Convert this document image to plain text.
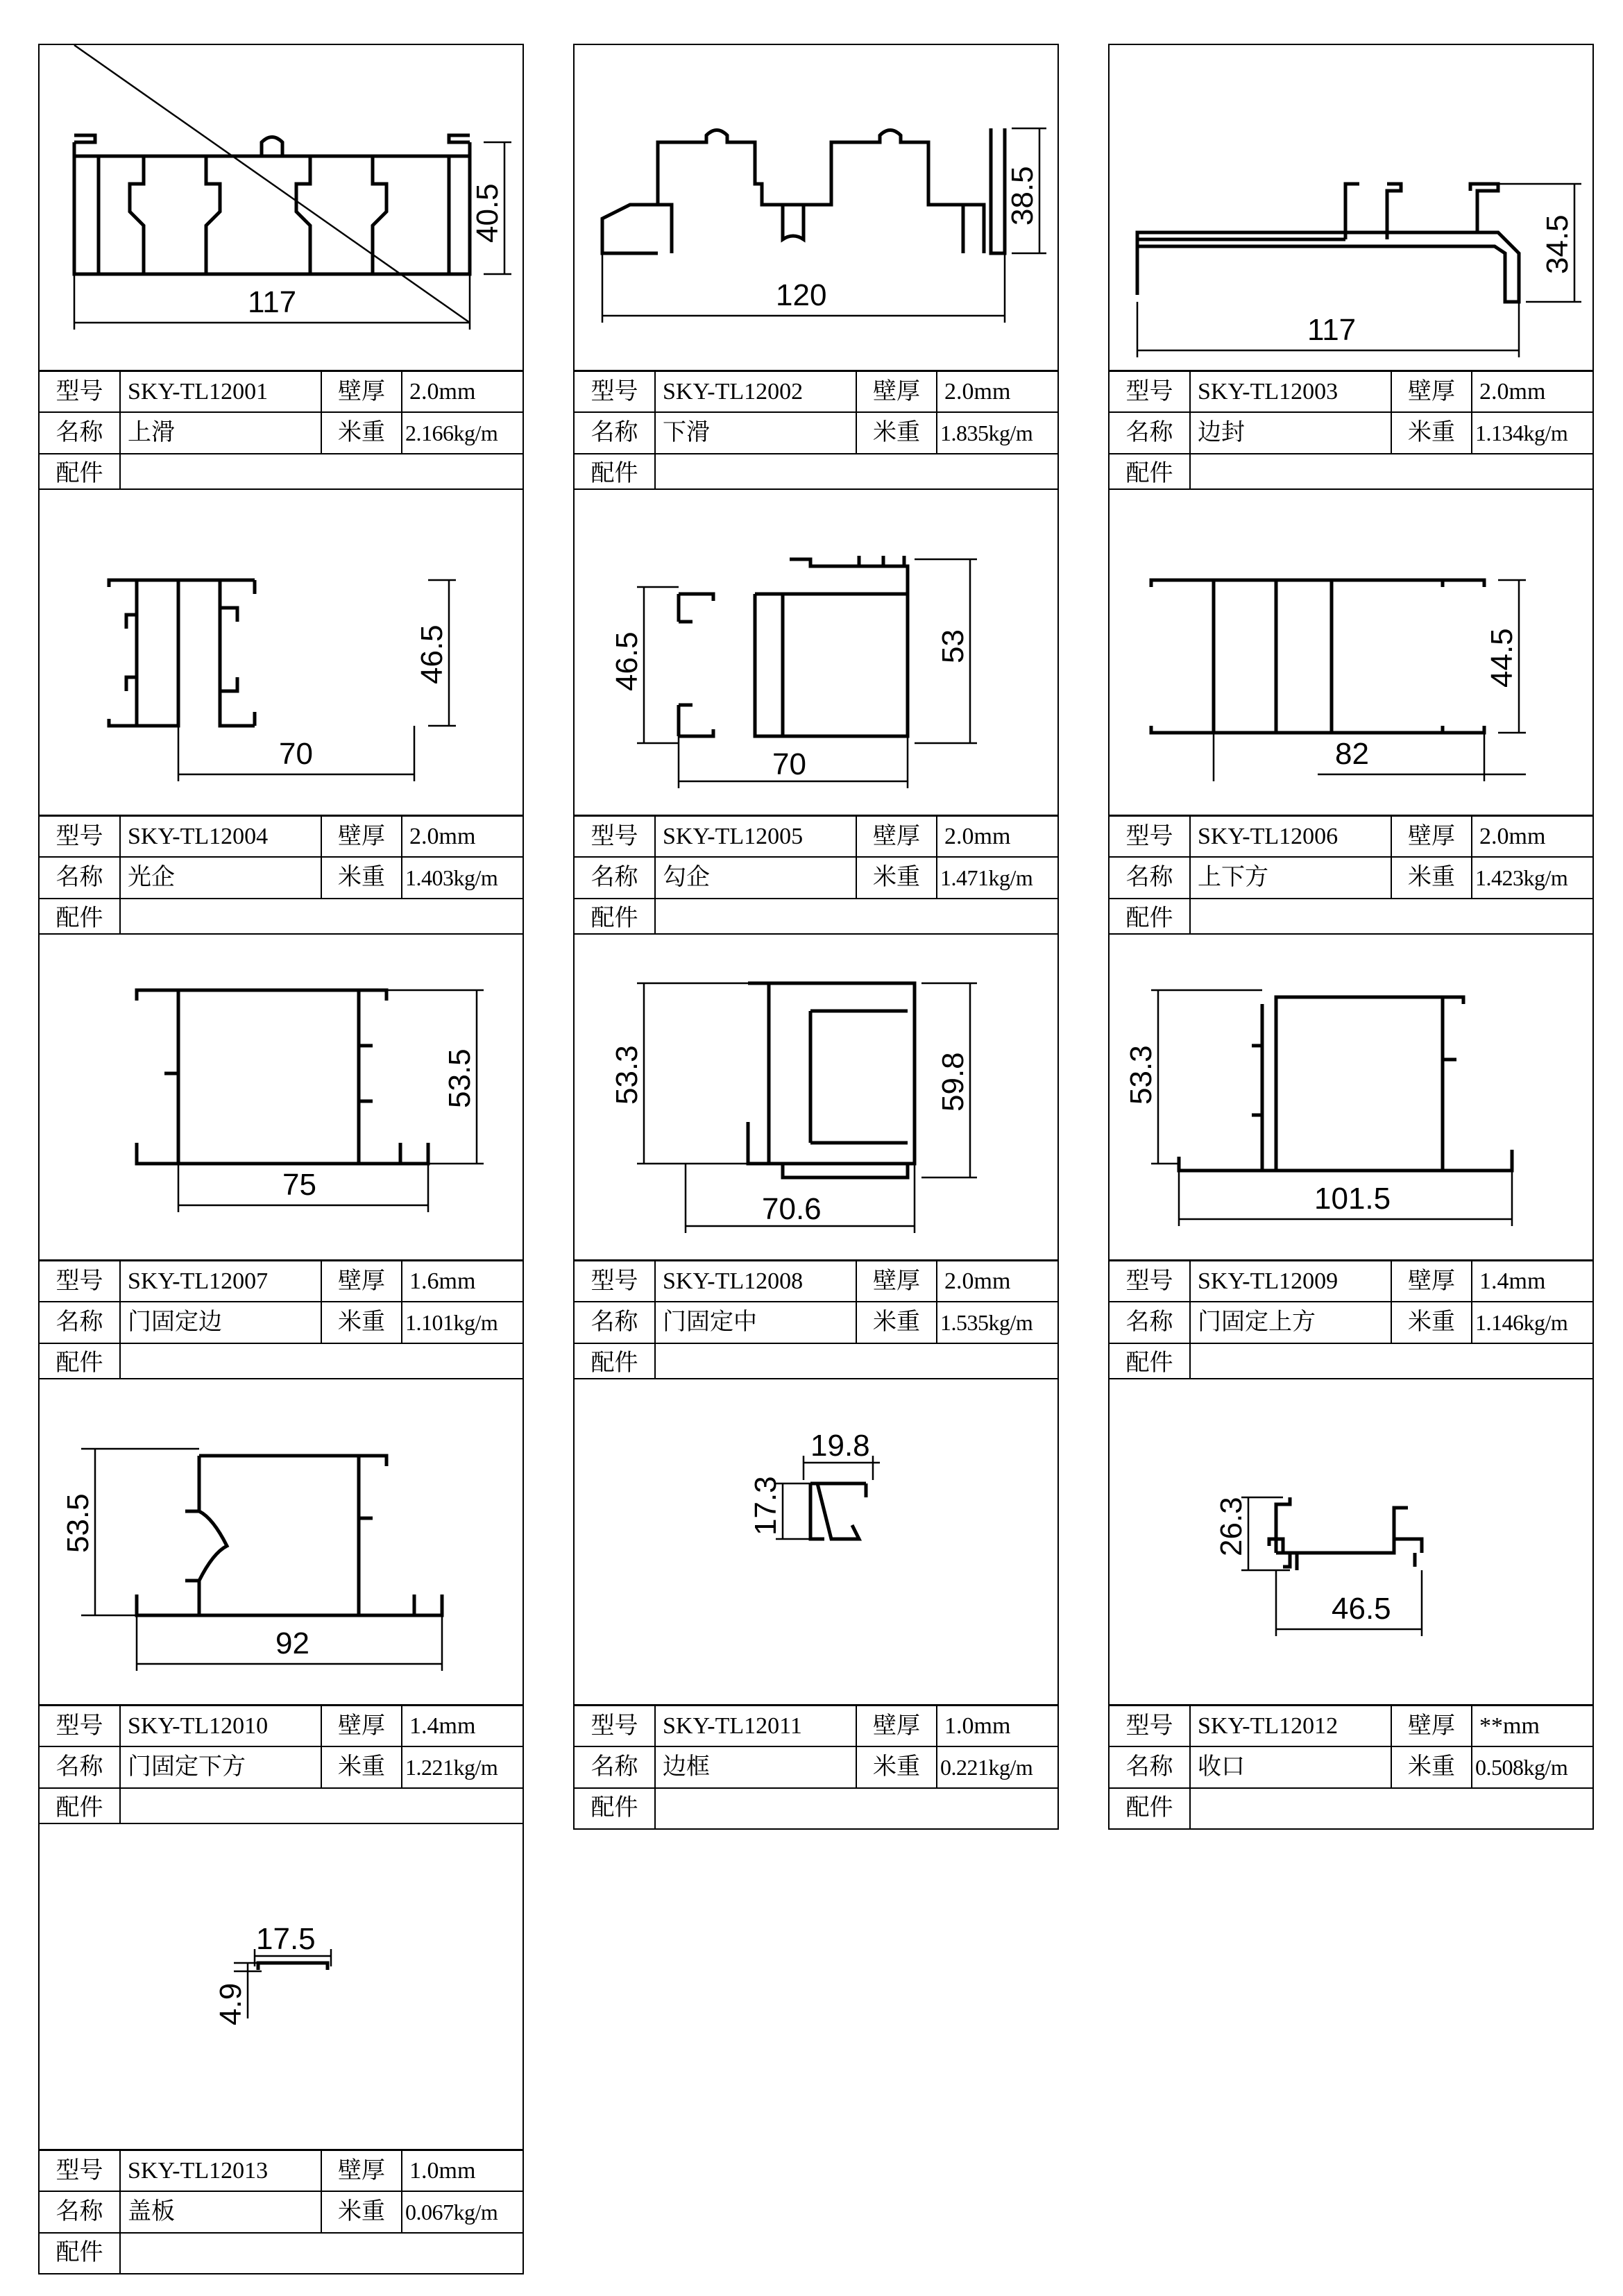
117
40.5
型号	SKY-TL12001	壁厚	2.0mm
名称	上滑	米重	2.166kg/m
配件			
120
38.5
型号	SKY-TL12002	壁厚	2.0mm
名称	下滑	米重	1.835kg/m
配件			
117
34.5
型号	SKY-TL12003	壁厚	2.0mm
名称	边封	米重	1.134kg/m
配件			
70
46.5
型号	SKY-TL12004	壁厚	2.0mm
名称	光企	米重	1.403kg/m
配件			
70
46.5	53
型号	SKY-TL12005	壁厚	2.0mm
名称	勾企	米重	1.471kg/m
配件			
82
44.5
型号	SKY-TL12006	壁厚	2.0mm
名称	上下方	米重	1.423kg/m
配件			
75
53.5
型号	SKY-TL12007	壁厚	1.6mm
名称	门固定边	米重	1.101kg/m
配件			
70.6
53.3	59.8
型号	SKY-TL12008	壁厚	2.0mm
名称	门固定中	米重	1.535kg/m
配件			
101.5
53.3
型号	SKY-TL12009	壁厚	1.4mm
名称	门固定上方	米重	1.146kg/m
配件			
92
53.5
型号	SKY-TL12010	壁厚	1.4mm
名称	门固定下方	米重	1.221kg/m
配件			
19.8
17.3
型号	SKY-TL12011	壁厚	1.0mm
名称	边框	米重	0.221kg/m
配件			
46.5
26.3
型号	SKY-TL12012	壁厚	**mm
名称	收口	米重	0.508kg/m
配件			
17.5
4.9
型号	SKY-TL12013	壁厚	1.0mm
名称	盖板	米重	0.067kg/m
配件			
